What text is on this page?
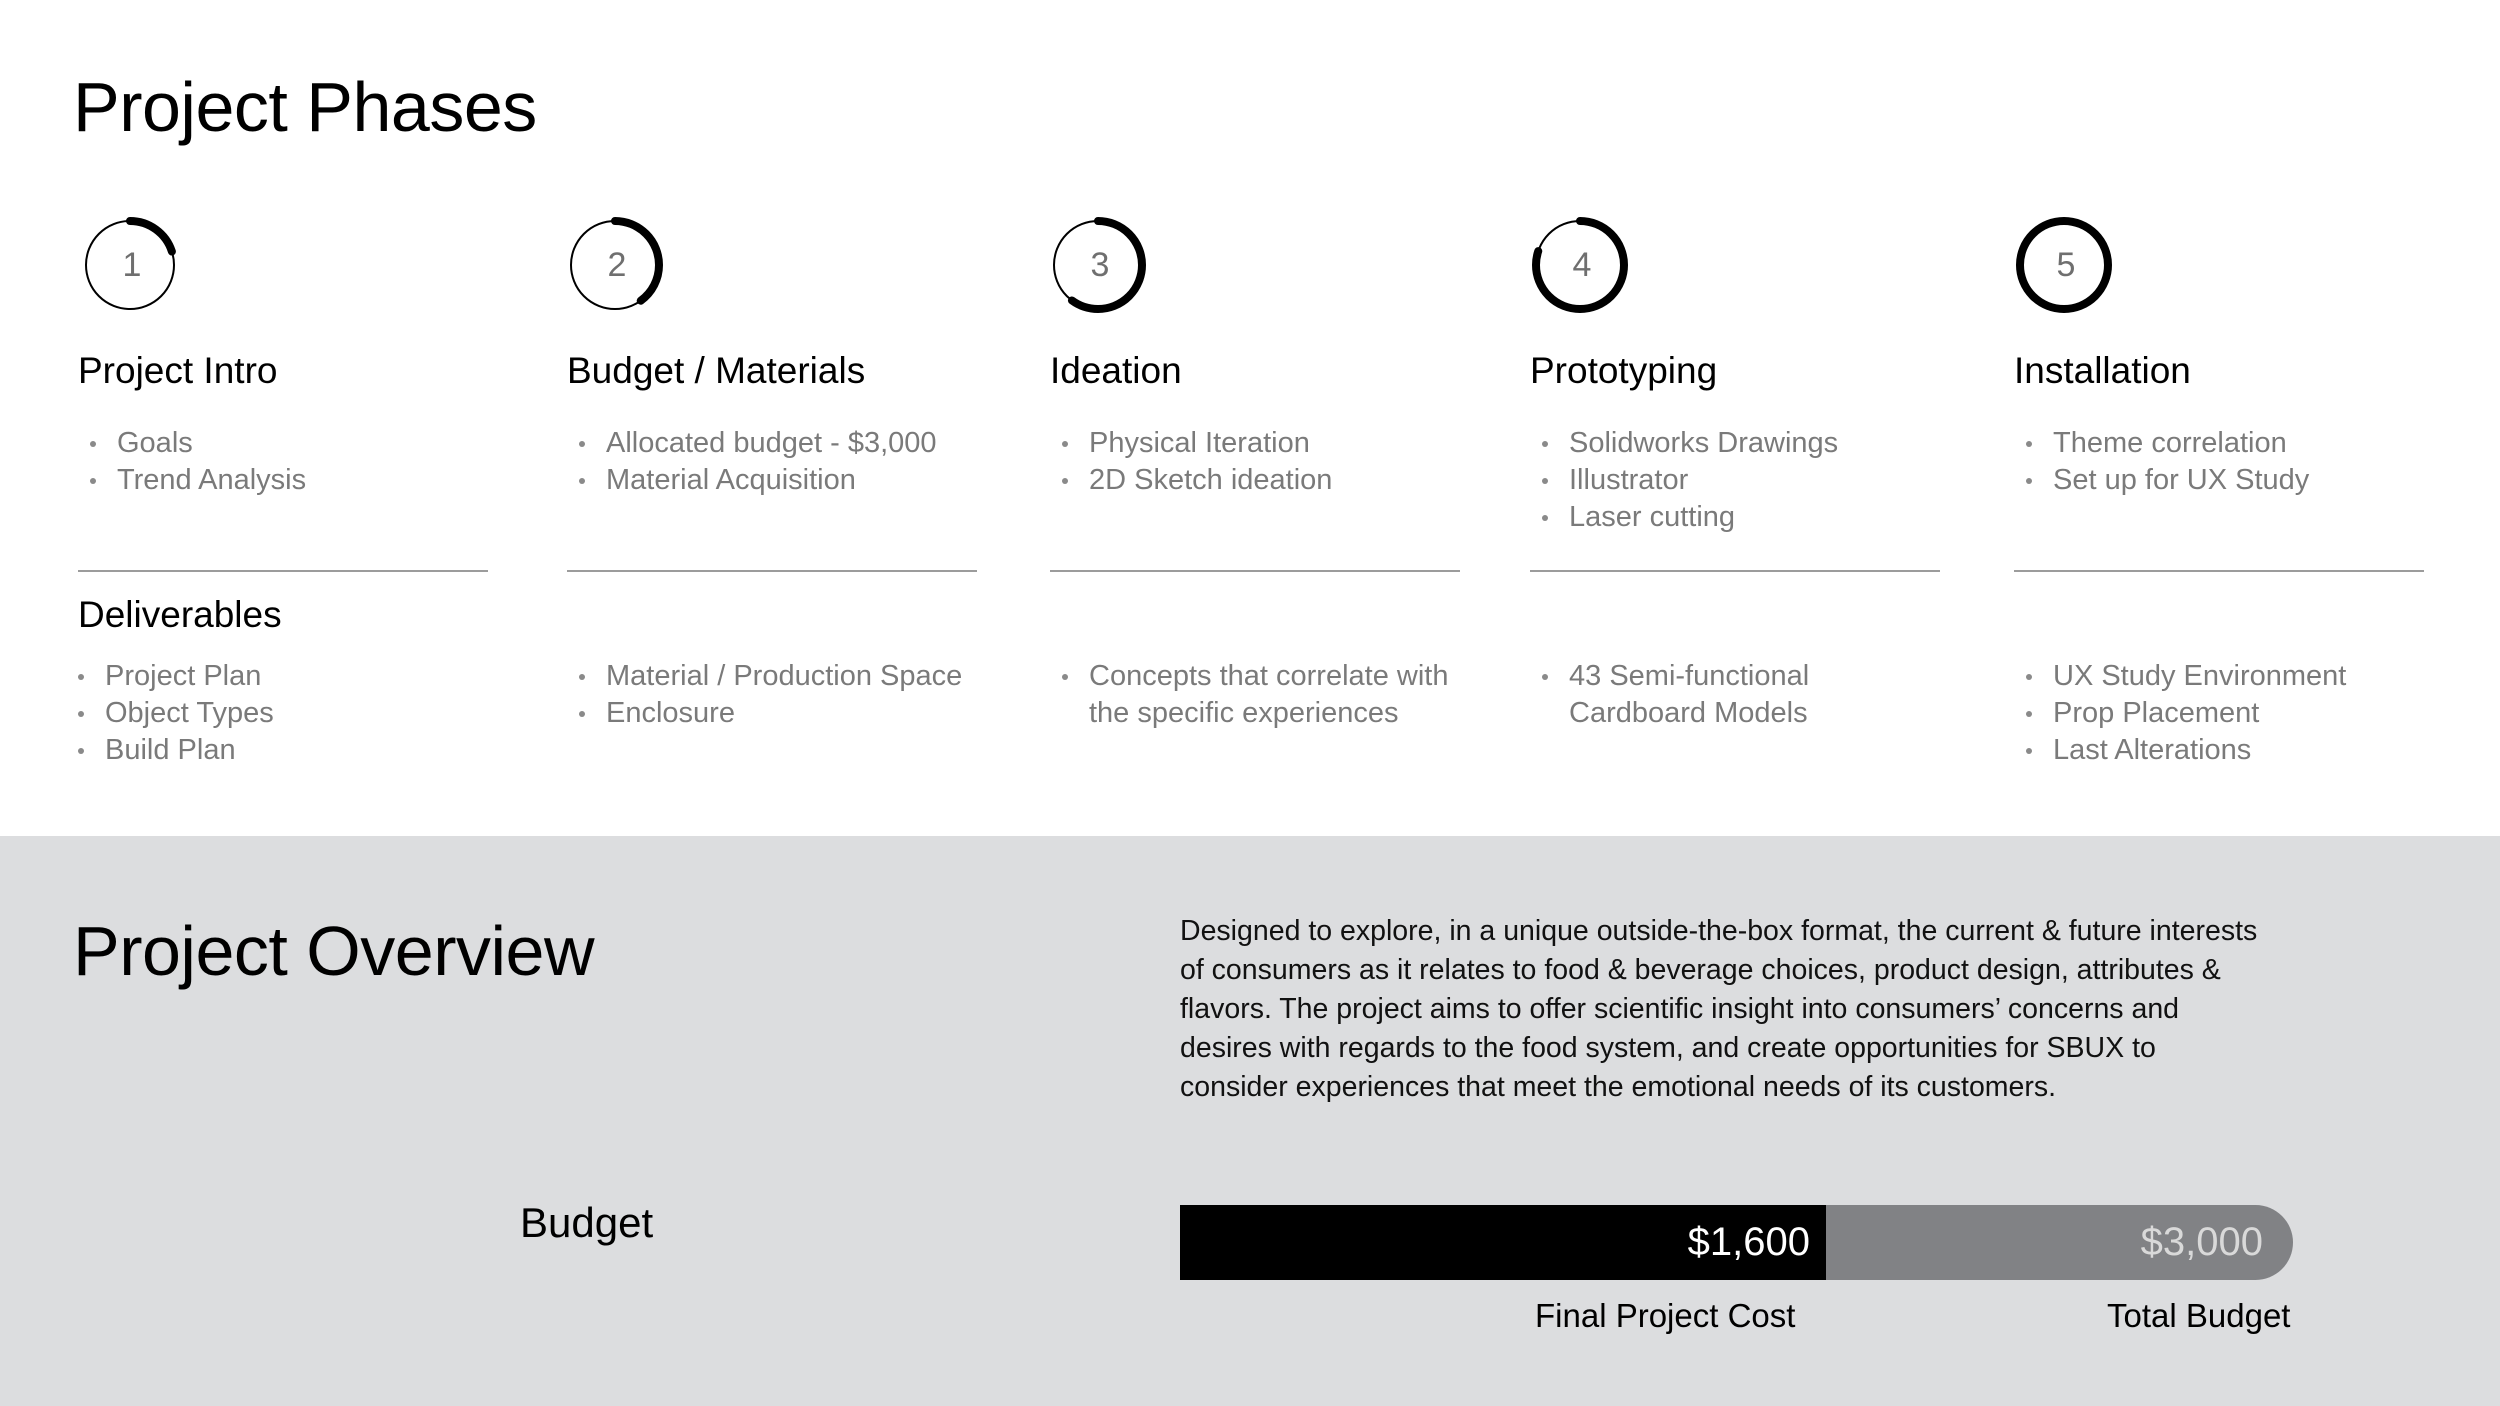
Project Phases
1
Project Intro
Goals
Trend Analysis
Project Plan
Object Types
Build Plan
2
Budget / Materials
Allocated budget - $3,000
Material Acquisition
Material / Production Space
Enclosure
3
Ideation
Physical Iteration
2D Sketch ideation
Concepts that correlate with
the specific experiences
4
Prototyping
Solidworks Drawings
Illustrator
Laser cutting
43 Semi-functional
Cardboard Models
5
Installation
Theme correlation
Set up for UX Study
UX Study Environment
Prop Placement
Last Alterations
Project Overview	Designed to explore, in a unique outside-the-box format, the current & future interests of consumers as it relates to food & beverage choices, product design, attributes & flavors. The project aims to offer scientific insight into consumers’ concerns and desires with regards to the food system, and create opportunities for SBUX to consider experiences that meet the emotional needs of its customers.
Budget	$3,000
$1,600
Final Project Cost	Total Budget
Deliverables
